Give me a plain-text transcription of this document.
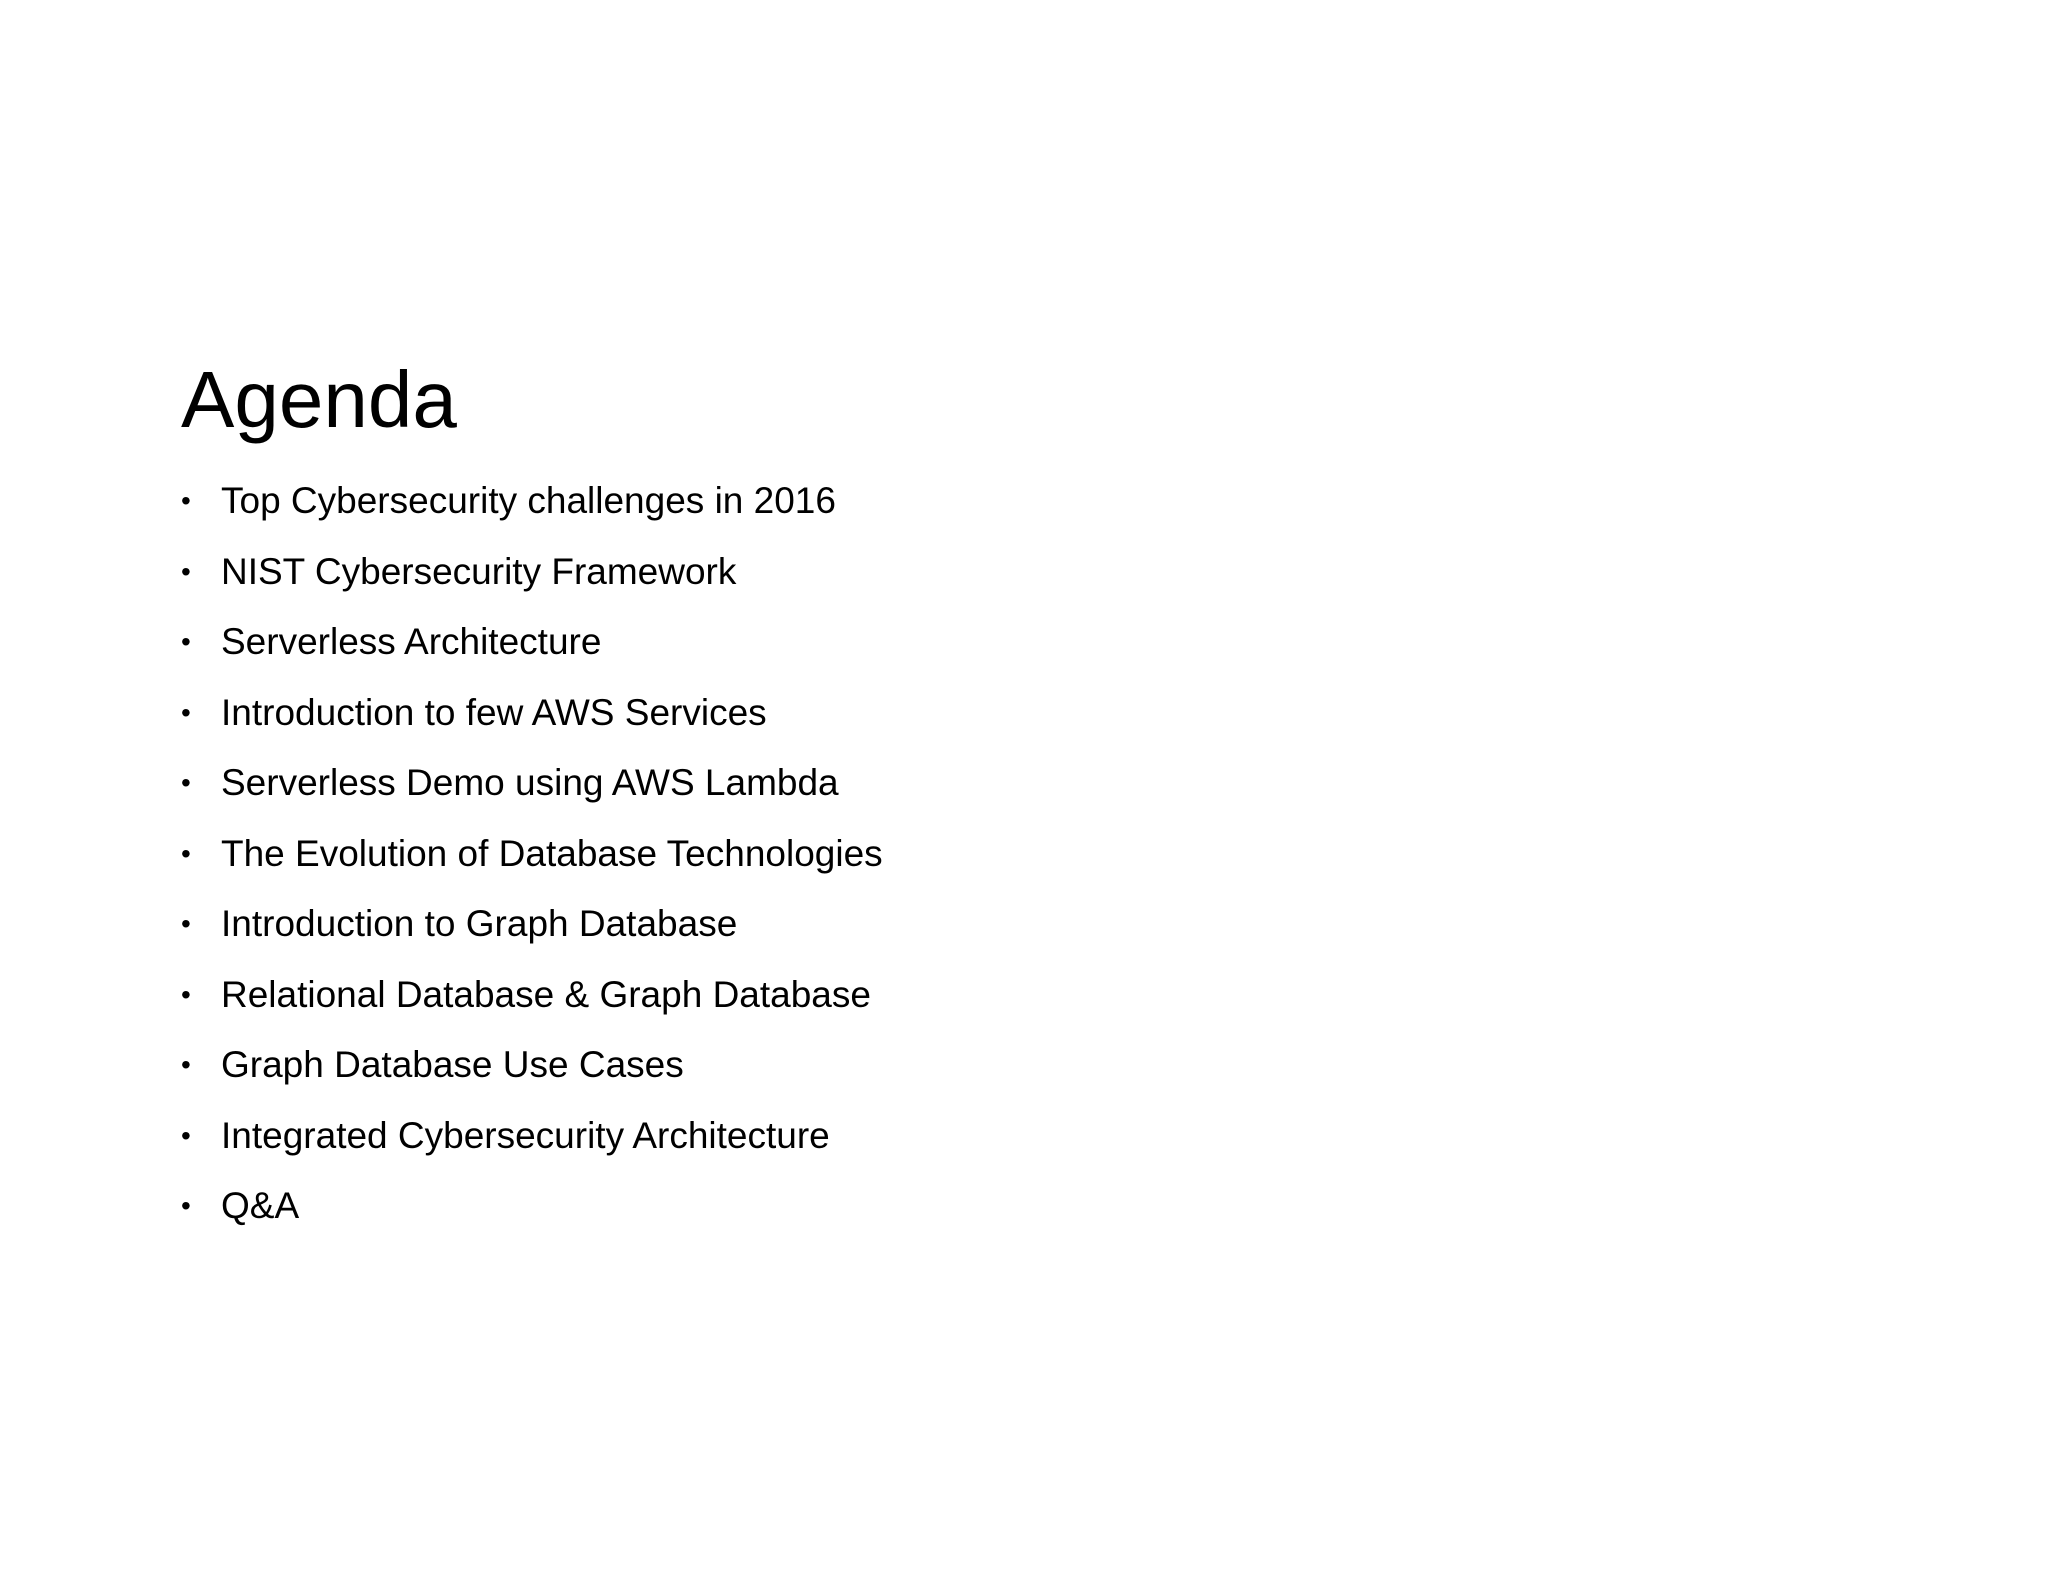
Agenda
• Top Cybersecurity challenges in 2016
• NIST Cybersecurity Framework
• Serverless Architecture
• Introduction to few AWS Services
• Serverless Demo using AWS Lambda
• The Evolution of Database Technologies
• Introduction to Graph Database
• Relational Database & Graph Database
• Graph Database Use Cases
• Integrated Cybersecurity Architecture
• Q&A
